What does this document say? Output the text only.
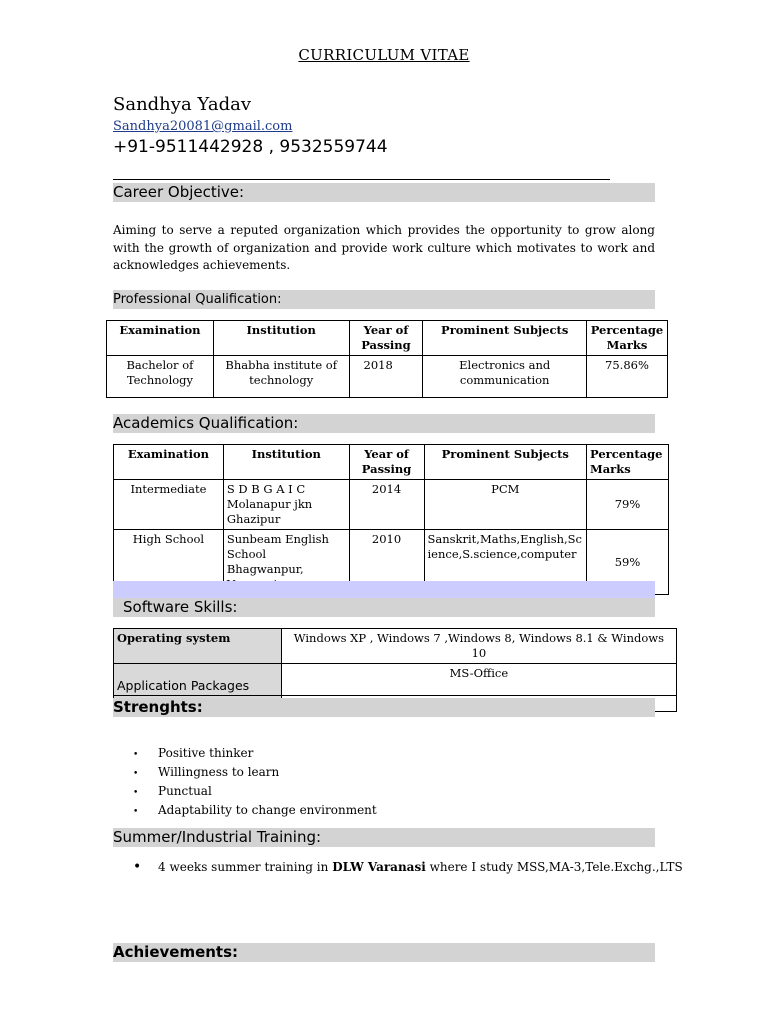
CURRICULUM VITAE
Sandhya Yadav
Sandhya20081@gmail.com
+91-9511442928 , 9532559744
Career Objective:
Aiming to serve a reputed organization which provides the opportunity to grow along with the growth of organization and provide work culture which motivates to work and acknowledges achievements.
Professional Qualification:
Examination	Institution	Year of Passing	Prominent Subjects	Percentage Marks
Bachelor of Technology	Bhabha institute of technology	2018	Electronics and communication	75.86%
Academics Qualification:
Examination	Institution	Year of Passing	Prominent Subjects	Percentage Marks
Intermediate	S D B G A I C Molanapur jkn Ghazipur	2014	PCM	79%
High School	Sunbeam English School Bhagwanpur,	2010	Sanskrit,Maths,English,Science,S.science,computer	59%
Software Skills:
Operating system	Windows XP , Windows 7 ,Windows 8, Windows 8.1 & Windows 10
Application Packages	MS-Office

Strenghts:
• Positive thinker
• Willingness to learn
• Punctual
• Adaptability to change environment
Summer/Industrial Training:
• 4 weeks summer training in DLW Varanasi where I study MSS,MA-3,Tele.Exchg.,LTS
Achievements:
